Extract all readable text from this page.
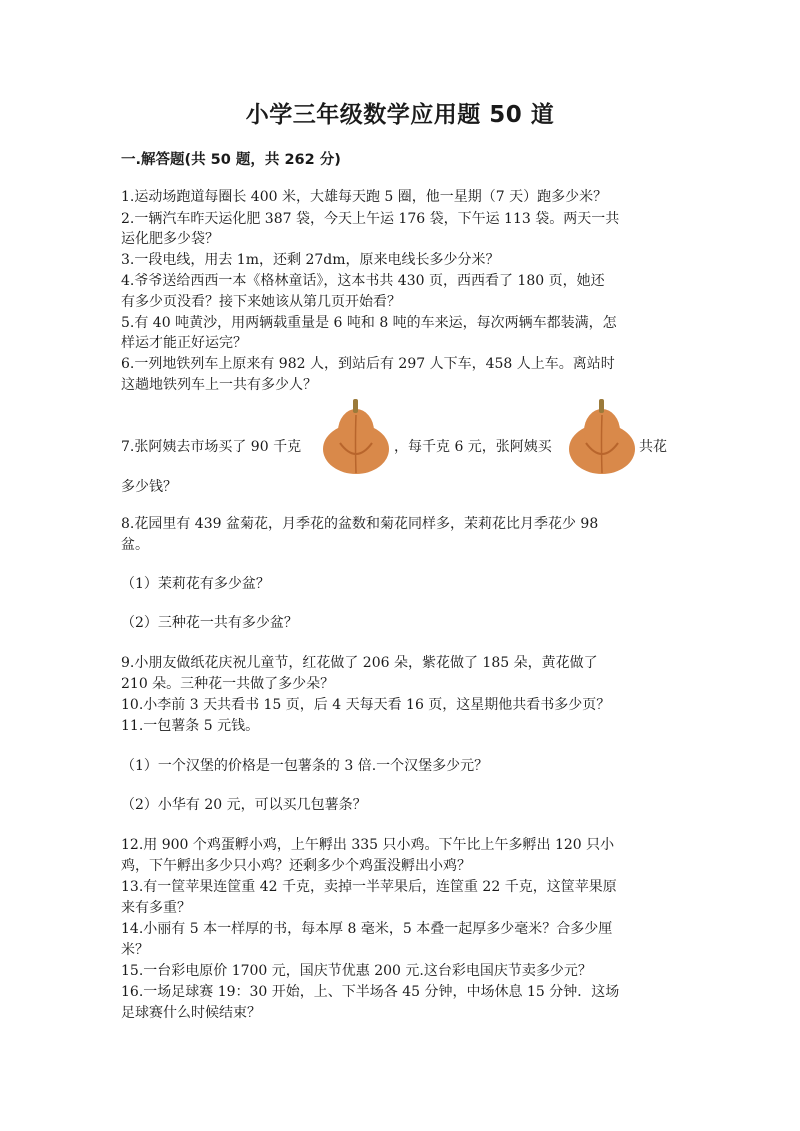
小学三年级数学应用题 50 道
一.解答题(共 50 题，共 262 分)
1.运动场跑道每圈长 400 米，大雄每天跑 5 圈，他一星期（7 天）跑多少米？
2.一辆汽车昨天运化肥 387 袋，今天上午运 176 袋，下午运 113 袋。两天一共
运化肥多少袋？
3.一段电线，用去 1m，还剩 27dm，原来电线长多少分米？
4.爷爷送给西西一本《格林童话》，这本书共 430 页，西西看了 180 页，她还
有多少页没看？接下来她该从第几页开始看？
5.有 40 吨黄沙，用两辆载重量是 6 吨和 8 吨的车来运，每次两辆车都装满，怎
样运才能正好运完？
6.一列地铁列车上原来有 982 人，到站后有 297 人下车，458 人上车。离站时
这趟地铁列车上一共有多少人？
7.张阿姨去市场买了 90 千克	，每千克 6 元，张阿姨买	共花
多少钱？
8.花园里有 439 盆菊花，月季花的盆数和菊花同样多，茉莉花比月季花少 98
盆。
（1）茉莉花有多少盆？
（2）三种花一共有多少盆？
9.小朋友做纸花庆祝儿童节，红花做了 206 朵，紫花做了 185 朵，黄花做了
210 朵。三种花一共做了多少朵？
10.小李前 3 天共看书 15 页，后 4 天每天看 16 页，这星期他共看书多少页？
11.一包薯条 5 元钱。
（1）一个汉堡的价格是一包薯条的 3 倍.一个汉堡多少元？
（2）小华有 20 元，可以买几包薯条？
12.用 900 个鸡蛋孵小鸡，上午孵出 335 只小鸡。下午比上午多孵出 120 只小
鸡，下午孵出多少只小鸡？还剩多少个鸡蛋没孵出小鸡？
13.有一筐苹果连筐重 42 千克，卖掉一半苹果后，连筐重 22 千克，这筐苹果原
来有多重？
14.小丽有 5 本一样厚的书，每本厚 8 毫米，5 本叠一起厚多少毫米？合多少厘
米？
15.一台彩电原价 1700 元，国庆节优惠 200 元.这台彩电国庆节卖多少元？
16.一场足球赛 19：30 开始，上、下半场各 45 分钟，中场休息 15 分钟．这场
足球赛什么时候结束？
